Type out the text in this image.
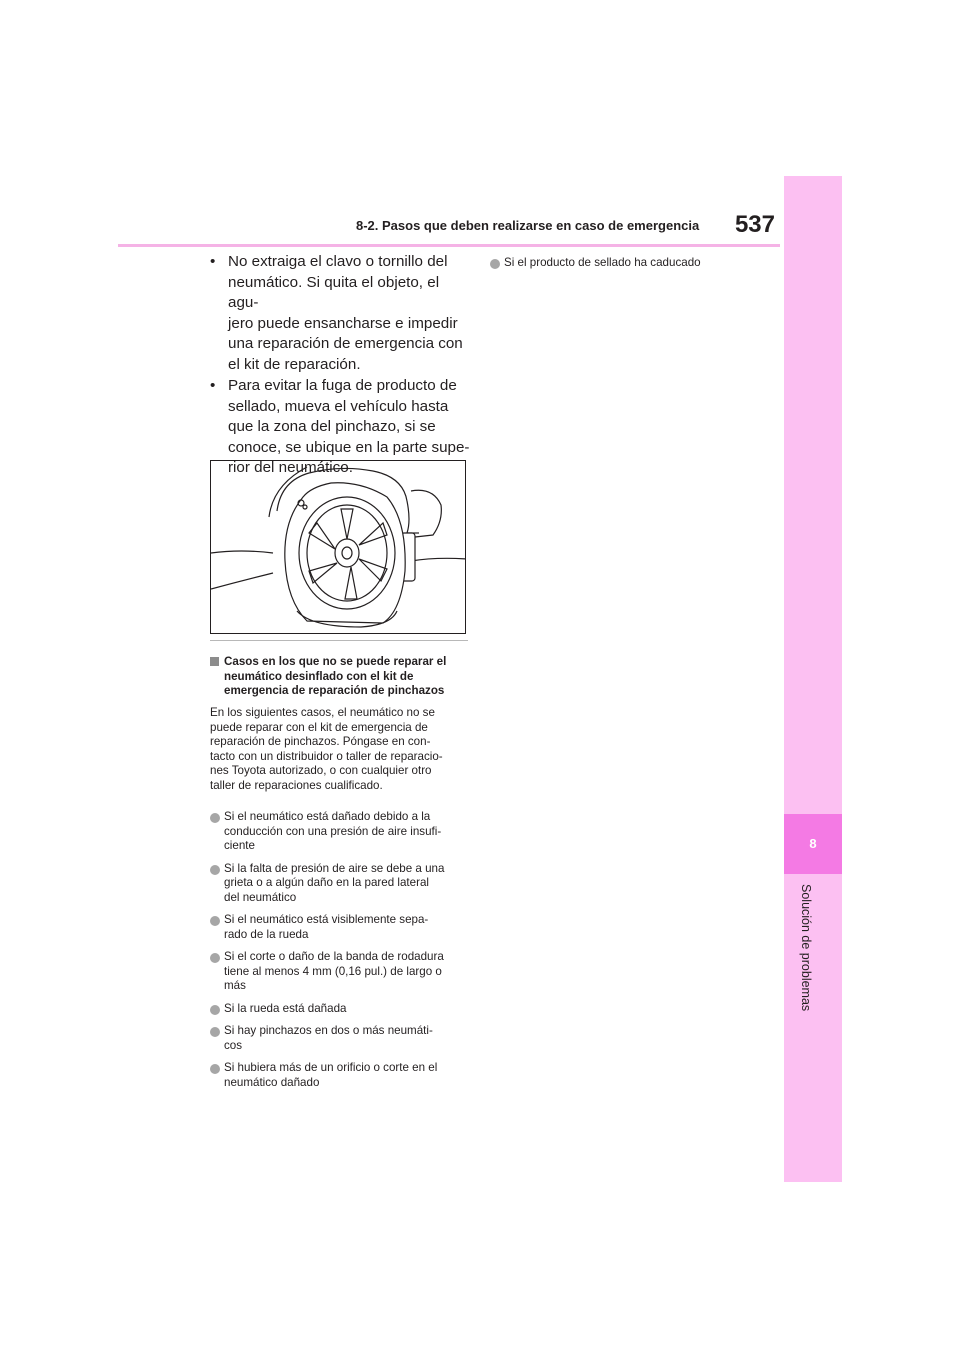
8-2. Pasos que deben realizarse en caso de emergencia	537
8
Solución de problemas
• No extraiga el clavo o tornillo del
neumático. Si quita el objeto, el agu-
jero puede ensancharse e impedir
una reparación de emergencia con
el kit de reparación.
• Para evitar la fuga de producto de
sellado, mueva el vehículo hasta
que la zona del pinchazo, si se
conoce, se ubique en la parte supe-
rior del neumático.
Casos en los que no se puede reparar el
neumático desinflado con el kit de
emergencia de reparación de pinchazos
En los siguientes casos, el neumático no se
puede reparar con el kit de emergencia de
reparación de pinchazos. Póngase en con-
tacto con un distribuidor o taller de reparacio-
nes Toyota autorizado, o con cualquier otro
taller de reparaciones cualificado.
Si el neumático está dañado debido a la
conducción con una presión de aire insufi-
ciente
Si la falta de presión de aire se debe a una
grieta o a algún daño en la pared lateral
del neumático
Si el neumático está visiblemente sepa-
rado de la rueda
Si el corte o daño de la banda de rodadura
tiene al menos 4 mm (0,16 pul.) de largo o
más
Si la rueda está dañada
Si hay pinchazos en dos o más neumáti-
cos
Si hubiera más de un orificio o corte en el
neumático dañado
Si el producto de sellado ha caducado
